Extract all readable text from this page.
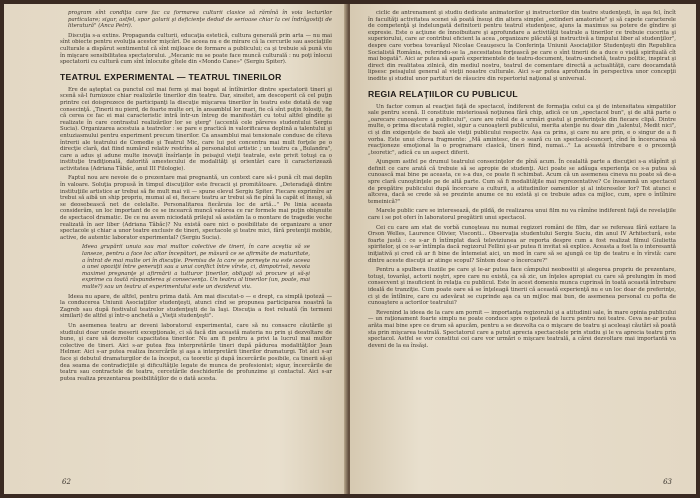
program sînt condiţia care fac ca formarea culturii clasice să rămînă în voia lecturilor particulare; sigur, astfel, spor golurii şi deficienţe dedud de serioase chiar la cei îndrăgostiţi de literatură" (Anca Petri).

Discuţia s-a extins. Propaganda culturii, educaţia estetică, cultura generală prin arta — nu mai sînt obiecte pentru evoluţia acestor mişcări. De aceea nu e de mirare că la cercurile sau asociaţiile culturale a dispărut sentimentul că sînt mijloace de formare a publicului; ca şi trebuie să pună viu în mişcare sensibilitatea spectatorului. „Mecanic nu se poate face muncă culturală : nu poţi înlocui spectatorii cu cultură cum sînt înlocuite gîtele din «Mondo Cane»" (Sergiu Spiter).

TEATRUL EXPERIMENTAL — TEATRUL TINERILOR

Ere de aşteptat ca punctul cel mai ferm şi mai bogat al întîlnirilor dintre spectatorii tineri şi scenă să-l furnizeze chiar realizările tinerilor din teatru. Dar, sinsitet, am descoperit că cel puţin printre cei doisprezece de participanţi la discuţie mişcarea tinerilor în teatru este dotată de vag consecinţă. „Tinerii nu pierd, de foarte multe ori, în ansamblul lor mari, fie că sînt puţin folosiţi, fie că cerea ce fac ei mai caracteristic intră într-un întreg de manifestări cu totul altfel gîndite şi realizate în care contrastul realizărilor lor se şterg" (accentă cele păreres studentului Sergiu Sucia). Organizarea acestuia a teatrelor : se pare e practică in valorificarea deplină a talentului şi entuziasmului pentru experiment precum tinerilor. Ca ansamblui mai tensionale condusc de cîteva întrerii ale teatrului de Comedie şi Teatrul Mic, care lui pot concentra mai mult forţele pe o direcţie clară, dat fiind numărul relativ restrîns al personalului artistic ; un teatru ca „Bulandra", care a adus şi adune multe inovaţii însîrlanţe în peisajul vieţii teatrale, este privit totuşi ca o instituţie tradiţională, datorită amestecului de modalităţi şi orientări care îi caracterizează activitatea (Adriana Tăbăc, anul III Filologie).

Faptul nou are nevoie de o prezentare mai pregnantă, un context care să-i pună cît mai deplin în valoare. Soluţia propusă în timpul discuţiilor este frecacii şi promitătoare. „Deteradajă dintre instituţiile artistice ar trebui să fie mult mai vii — spune elevul Sergiu Spiter. Fiecare exprimîre ar trebui să aibă un ship propriu, mumai al ei, fiecare teatru ar trebui să fie pînă la capăt el însuşi, să se deosebească net de celelalte. Personalitarea fiecăruia loc de artă..." Pe linia aceasta considerăm, un loc important de ce se incearcă muncă valorea ce rar formele mai puţin obişnuite de spectacol dramatic. De ce nu avem niciodată prilejul să asistăm la o montare de tragedie veche realizată în aer liber (Adriana Tăbăc)? Nu există oare nici o posibilitate de organizare a unor spectacole şi chiar a unor teatre exclusiv de tineri, spectacole şi teatre mici, fără pretenţii mobile, active, de autentic laborator experimental? (Sergiu Sucia).

Ideea grupării unuia sau mai multor colective de tineri, în care aceştia să se lanseze, pentru a face loc altor începători, pe măsură ce se afirmăte de maturitate, a întrat de mai multe ori în discuţie. Premisa de la care se porneşte nu este aceea a unei opoziţii între generaţii sau a unui conflict între vîrste, ci, dimpotrivă, nevoia maximei pregnanţe şi afirmării a tutturor ţinerilor, obligaţi să procure şi să-şi exprime cu toată răspunderea şi consecvenţa. Un teatru al tinerilor (un, poate, mai multe?) sau un teatru al experimentului este un deziderat viu.

Ideea nu apare, de altfel, pentru prima dată. Am mai discutat-o — e drept, ca simplă ipoteză — la conducerea Uniunii Asociaţiilor studenţeşti, atunci cînd se propunea participarea noastră la Zagreb sau după festivalul teatrelor studenţeşti de la Iaşi. Discuţia a fost reluată (în termeni similari) de altfel şi într-o anchetă a „Vieţii studenţeşti".

Un asemenea teatru ar deveni laboratorul experimental, care să nu consacre căutările şi studiului doar unele meserii excepţionale, ci să facă din această materia nu prin şi dezvoltare de bune, şi care să dezvolte capacitatea tinerilor. Nu am fi pentru a privi la lucrul mai multor colective de tineri. Aici s-ar putea fixa interpretările tineri după pădurea modalităţilor Jean Helmer. Aici s-ar putea realiza încercările şi aşa a interpretării tinerilor dramaturgi. Tot aici s-ar face şi debutul dramaturgilor de la început, ca teoretic şi după încercările posibile, ca tinerii să-şi dea seama de contradicţiile şi dificultăţile legate de munca de profesionist; sigur, încercările de teatru sau contractele de teatru, cercetările deschiderile de profunzime şi contactul. Aici s-ar putea realiza prezentarea posibilităţilor de o dată acesta.

62

ciclic de antrenament şi studiu dedicate animatorilor şi instructorilor din teatre studenţeşti, în aşa fel, încît în facultăţi activitatea scenei să poată însuşi din altera simplei „extinderi amatoriste" şi să capete caracterele de competenţă şi îndelungată definitorii pentru teatrul studenţesc, ajuns la maximus sa potere de gîndire şi expresie. Este o acţiune de înnoibuitare şi aprofundare a activităţii teatrale a tinerilor ce trebuie cucerita şi superiorului, care ar contribui eficient la acea „organizare plăcută şi instructivă a timpului liber al studenţilor", despre care vorbea tovarăşul Nicolae Ceauşescu la Conferinţa Uniunii Asociaţiilor Studenţeşti din Republica Socialistă România, referindu-se la „necesitatea forţească pe care o sînt tinerii de a duce o viaţă spirituală cît mai bogată". Aici ar putea să apară experimentele de teatru-document, teatru-anchetă, teatru politic, inspirat şi direct din realitatea zilnică, din mediul nostru, teatrul de comentare directă a actualităţii, care deocamdată lipsesc peisajului general al vieţii noastre culturale. Aici s-ar putea aprofunda în perspectiva unor concepţii inedite şi studiul unor partituri de răsucire din repertoriul naţional şi universal.

REGIA RELAŢIILOR CU PUBLICUL

Un factor comun al reacţiei faţă de spectacol, îndiferent de formaţia celui ca şi de intensitatea simpatiilor sale pentru scenă. Il constituie misterioasă noţiunea fără chip, adică ce un „spectacol bun", şi de altă parte o „oarecare cunoaştere a publicului", care are rolul de a urmări gustul şi preferinţele din fiecare clipă. Dintre multe, o prima discutată regiei, sigur a cunoaşterii publicului, merita atenţie nu doar din „talentul, Medit nici", ci și din exigenţele de bază ale vieţii publicului respectiv. Așa ca prins, şi care nu are prin, e o singur de a fi vorba. Este unui cîteva fragmente: „Mă amintesc, de o seară cu un spectacol-concert, cînd în încercarea să reacţioneze emoţional la o programare clasică, tineri fiind, numai..." La această întrebare e o prezenţă „teoretic", adică cu un aspect diferit.

Ajungem astfel pe drumul teatrului consecinţelor de pînă acum. În cealaltă parte a discuţiei s-a stăpînit şi definit ce care arată că trebuie să se apropie de studenţi. Aici poate se adăuga experienţa ce s-a putea să cunoască mai bine pe aceasta, ce s-a dus, ce poate fi schimbat. Acum că un asemenea cineva nu poate să de-a spre clară cunoştinţele pe de altă parte. Cum să fi modalităţile mai reprezentative? Ce înseamnă un spectacol de pregătire publicului după încercare a culturii, a atitudinilor oamenilor şi al intereselor lor? Tot atunci e altceva, dacă se crede să se prezinte anume ce nu există şi ce trebuie adus ca mijloc, cum, spre o întîlnire temeinică?"

Marele public care se interesează, de pildă, de realizarea unui film nu va rămîne indiferent faţă de revelaţiile care i se pot oferi în laboratorul pregătirii unui spectacol.

Cei cu care am stat de vorbă cunoşteau nu numai regizori români de film, dar se refereau fără ezitare la Orson Welles, Laurence Olivier, Visconti... Observaţia studentului Sergiu Suciu, din anul IV Arhitectură, este foarte justă : ce s-ar fi întîmplat dacă televiziunea ar reporta despre cum a fost realizat filmul Giulietta spiritelor, şi ce s-ar întîmpla dacă regizorul Fellini şi-ar putea fi invitat să explice. Aceasta a fost la o interesantă iniţiativă și cred că ar fi bine de întemeiat aici, un mod în care să se ajungă ce tip de teatru e în vîrstă: care dintre aceste discuţii ar atinge scopul? Sîntem doar o încercare?"

Pentru a spulbera iluziile pe care şi le-ar putea face câmpului neobositii şi alegerea propriu de prezentare, totuşi, tovarăşi, actorii noştri, spre care nu există, ca să zic, un înţeles apropiat cu care să prelungim în mod consecvent şi insuficient în relaţia cu publicul. Este în acest domeniu munca cuprinsă în toată această întrebare ideală de tranziţie. Cum poate oare să se înţeleagă tinerii că această experienţă nu e un loc doar de preferinţe, ci şi de întîlnire, care cu adevărat se cuprinde aşa ca un mijloc mai bun, de asemenea personal cu pofta de cunoaştere a actorilor teatrului?

Revenind la ideea de la care am pornit — importanţa regizorului şi a atitudinii sale, în mare opinia publicului — un raţionament foarte simplu ne poate conduce spre o ipoteză de lucru pentru noi teatre. Ceva ne-ar putea arăta mai bine spre ce drum să apucăm, pentru a se dezvolta ca o mişcare de teatru şi aceleaşi căutări să poată sta prin mişcarea teatrală. Spectatorul care a putut aprecia spectacolele prin studiu şi le va aprecia teatru prin spectacol. Astfel se vor constitui cei care vor urmări o mişcare teatrală, a cărei dezvoltare mai importantă va deveni de la ea însăşi.

63
